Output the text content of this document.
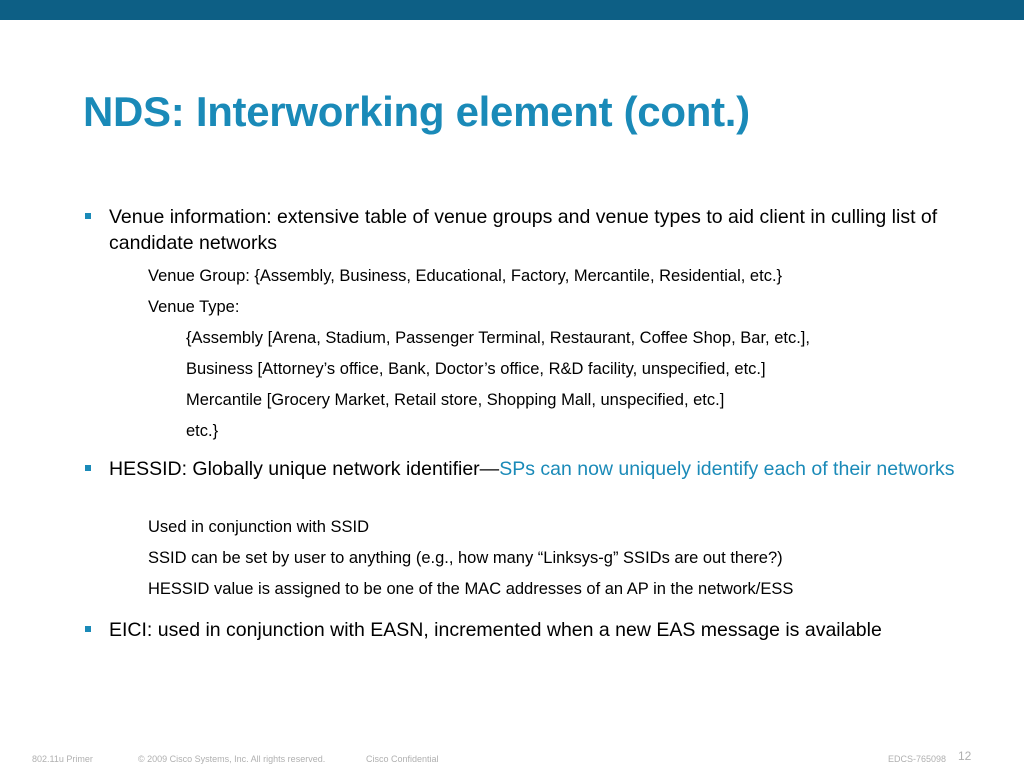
NDS: Interworking element (cont.)
Venue information: extensive table of venue groups and venue types to aid client in culling list of candidate networks
Venue Group: {Assembly, Business, Educational, Factory, Mercantile, Residential, etc.}
Venue Type:
{Assembly [Arena, Stadium, Passenger Terminal, Restaurant, Coffee Shop, Bar, etc.],
Business [Attorney’s office, Bank, Doctor’s office, R&D facility, unspecified, etc.]
Mercantile [Grocery Market, Retail store, Shopping Mall, unspecified, etc.]
etc.}
HESSID: Globally unique network identifier—SPs can now uniquely identify each of their networks
Used in conjunction with SSID
SSID can be set by user to anything (e.g., how many “Linksys-g” SSIDs are out there?)
HESSID value is assigned to be one of the MAC addresses of an AP in the network/ESS
EICI: used in conjunction with EASN, incremented when a new EAS message is available
802.11u Primer	© 2009 Cisco Systems, Inc. All rights reserved.	Cisco Confidential	EDCS-765098 12
